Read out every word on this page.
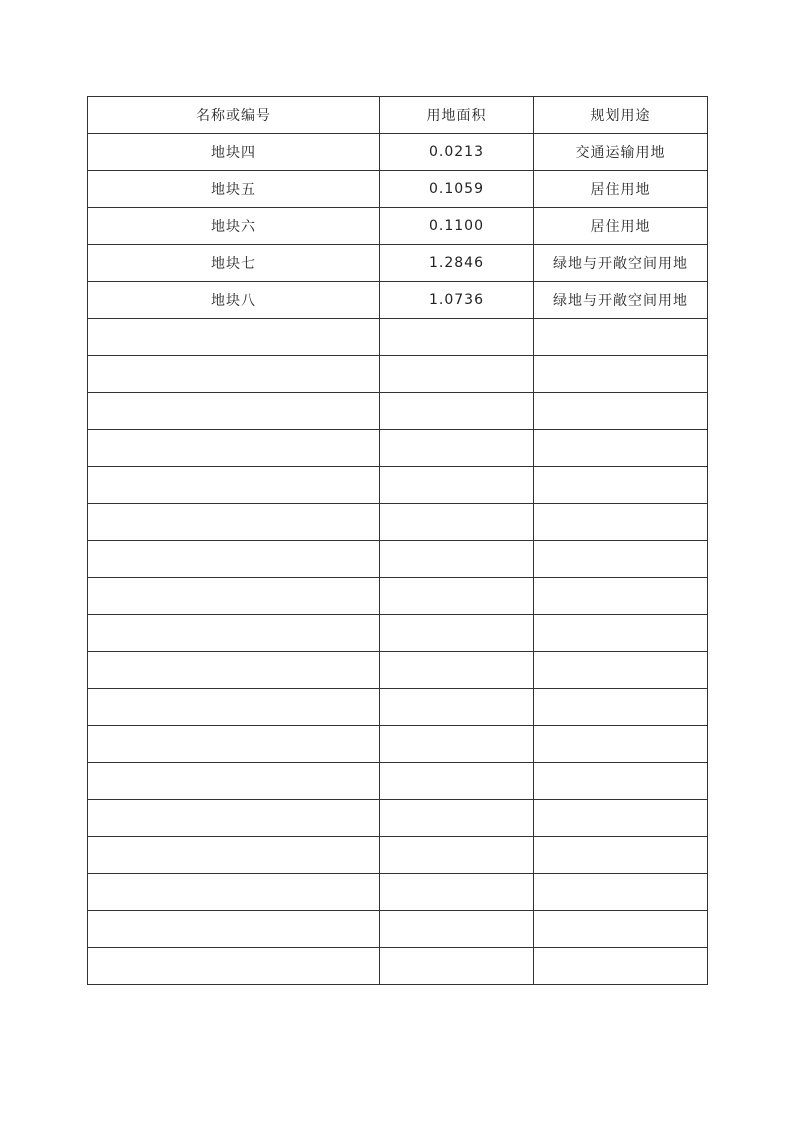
名称或编号	用地面积	规划用途
地块四	0.0213	交通运输用地
地块五	0.1059	居住用地
地块六	0.1100	居住用地
地块七	1.2846	绿地与开敞空间用地
地块八	1.0736	绿地与开敞空间用地
